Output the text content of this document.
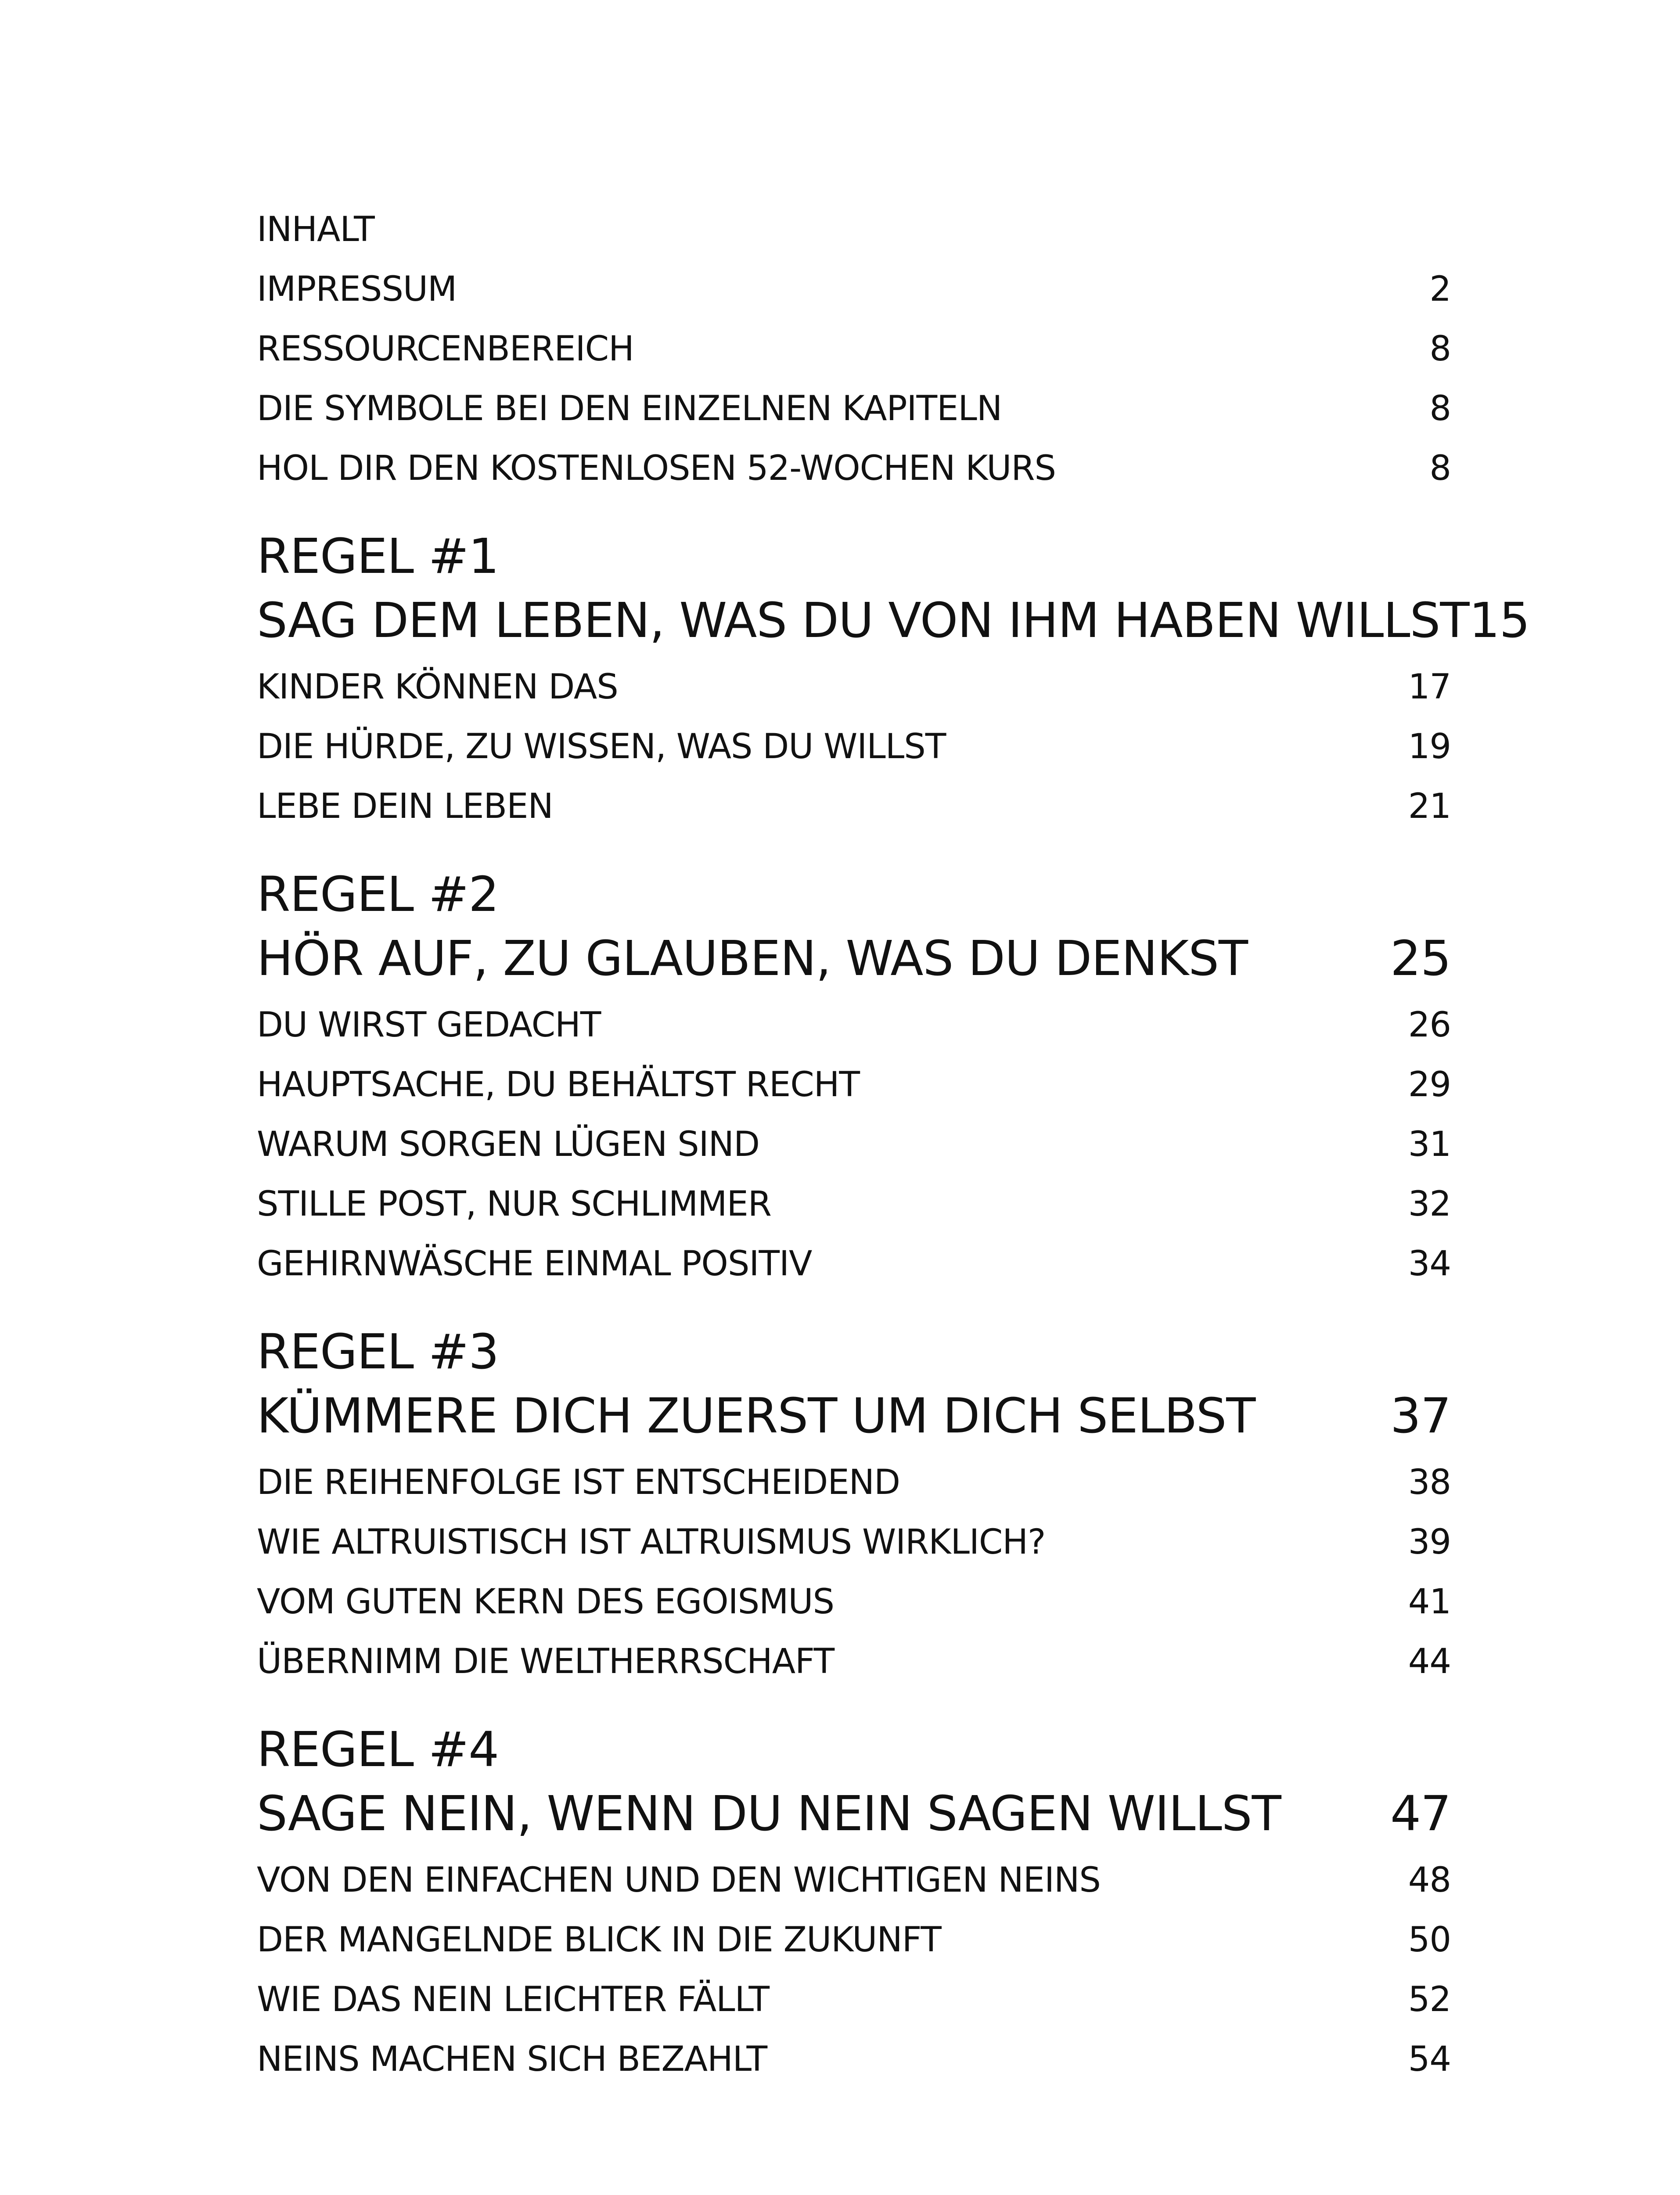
INHALT
IMPRESSUM	2
RESSOURCENBEREICH	8
DIE SYMBOLE BEI DEN EINZELNEN KAPITELN	8
HOL DIR DEN KOSTENLOSEN 52-WOCHEN KURS	8
REGEL #1
SAG DEM LEBEN, WAS DU VON IHM HABEN WILLST 15
KINDER KÖNNEN DAS	17
DIE HÜRDE, ZU WISSEN, WAS DU WILLST	19
LEBE DEIN LEBEN	21
REGEL #2
HÖR AUF, ZU GLAUBEN, WAS DU DENKST	25
DU WIRST GEDACHT	26
HAUPTSACHE, DU BEHÄLTST RECHT	29
WARUM SORGEN LÜGEN SIND	31
STILLE POST, NUR SCHLIMMER	32
GEHIRNWÄSCHE EINMAL POSITIV	34
REGEL #3
KÜMMERE DICH ZUERST UM DICH SELBST	37
DIE REIHENFOLGE IST ENTSCHEIDEND	38
WIE ALTRUISTISCH IST ALTRUISMUS WIRKLICH?	39
VOM GUTEN KERN DES EGOISMUS	41
ÜBERNIMM DIE WELTHERRSCHAFT	44
REGEL #4
SAGE NEIN, WENN DU NEIN SAGEN WILLST 47
VON DEN EINFACHEN UND DEN WICHTIGEN NEINS	48
DER MANGELNDE BLICK IN DIE ZUKUNFT	50
WIE DAS NEIN LEICHTER FÄLLT	52
NEINS MACHEN SICH BEZAHLT	54
